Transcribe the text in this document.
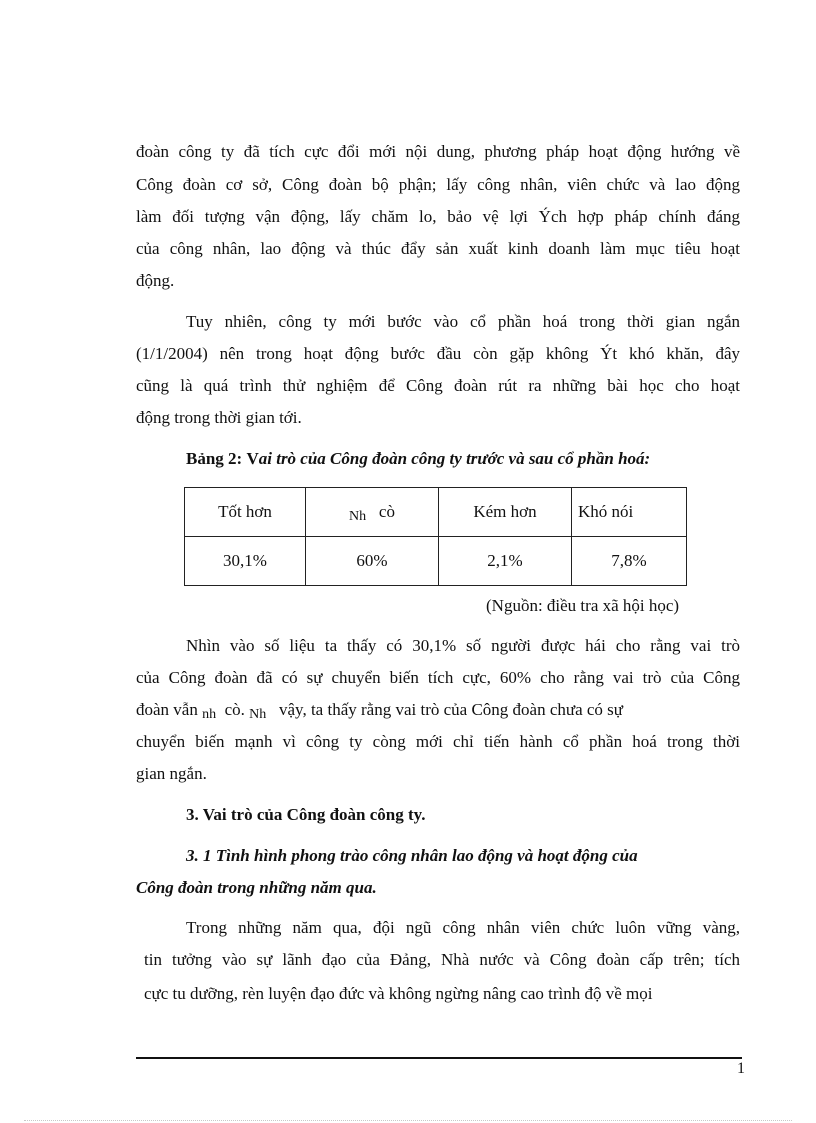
đoàn công ty đã tích cực đổi mới nội dung, phương pháp hoạt động hướng về
Công đoàn cơ sở, Công đoàn bộ phận; lấy công nhân, viên chức và lao động
làm đối tượng vận động, lấy chăm lo, bảo vệ lợi Ých hợp pháp chính đáng
của công nhân, lao động và thúc đẩy sản xuất kinh doanh làm mục tiêu hoạt
động.
Tuy nhiên, công ty mới bước vào cổ phần hoá trong thời gian ngắn
(1/1/2004) nên trong hoạt động bước đầu còn gặp không Ýt khó khăn, đây
cũng là quá trình thử nghiệm để Công đoàn rút ra những bài học cho hoạt
động trong thời gian tới.
Bảng 2: Vai trò của Công đoàn công ty trước và sau cổ phần hoá:
Tốt hơn	Nh cò	Kém hơn	Khó nói
30,1%	60%	2,1%	7,8%
(Nguồn: điều tra xã hội học)
Nhìn vào số liệu ta thấy có 30,1% số người được hái cho rằng vai trò
của Công đoàn đã có sự chuyển biến tích cực, 60% cho rằng vai trò của Công
đoàn vẫn nh cò. Nh vậy, ta thấy rằng vai trò của Công đoàn chưa có sự
chuyển biến mạnh vì công ty còng mới chỉ tiến hành cổ phần hoá trong thời
gian ngắn.
3. Vai trò của Công đoàn công ty.
3. 1 Tình hình phong trào công nhân lao động và hoạt động của
Công đoàn trong những năm qua.
Trong những năm qua, đội ngũ công nhân viên chức luôn vững vàng,
tin tưởng vào sự lãnh đạo của Đảng, Nhà nước và Công đoàn cấp trên; tích
cực tu dưỡng, rèn luyện đạo đức và không ngừng nâng cao trình độ về mọi
1
